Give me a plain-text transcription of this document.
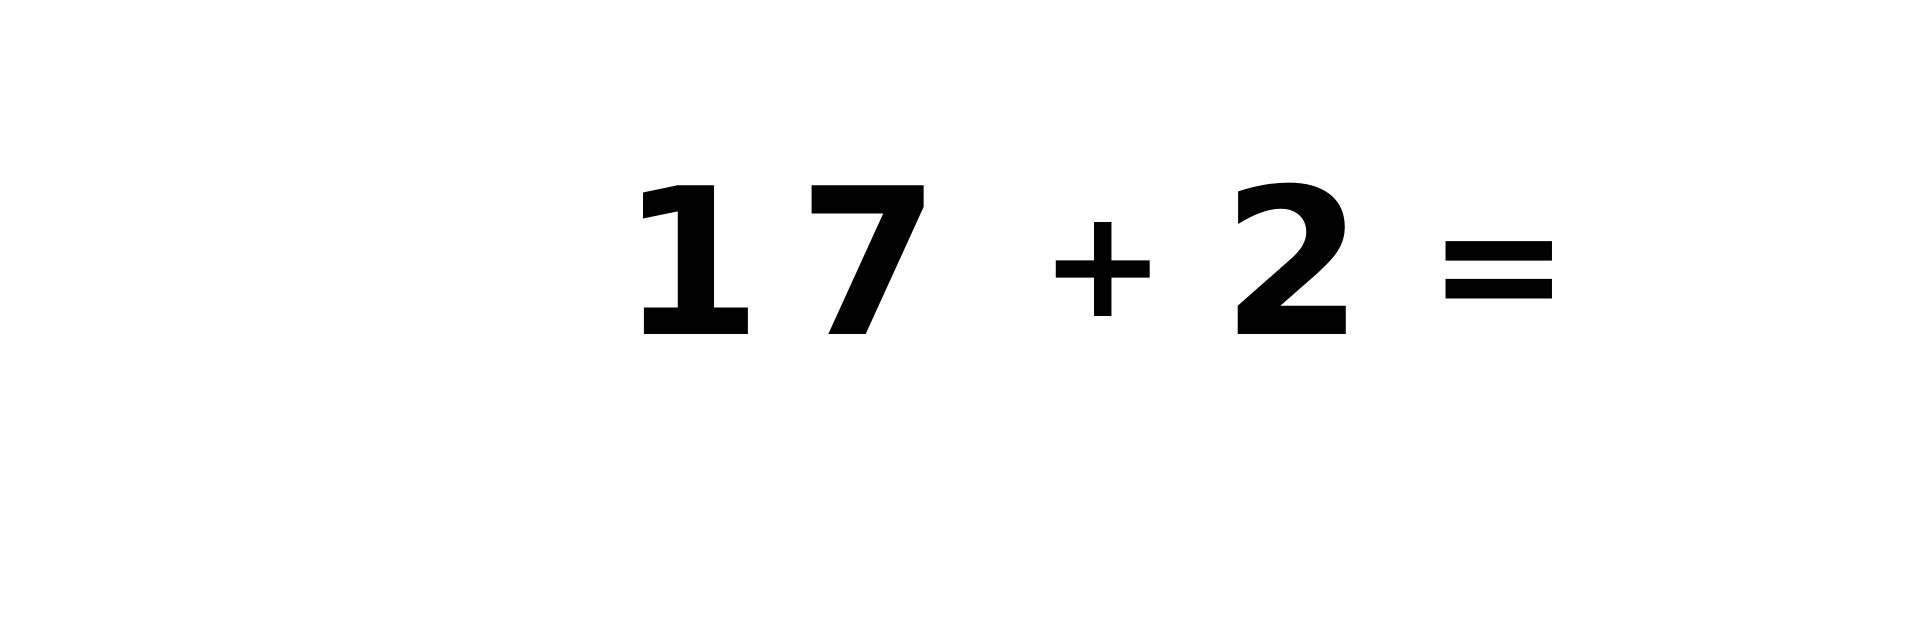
17 + 2 =
